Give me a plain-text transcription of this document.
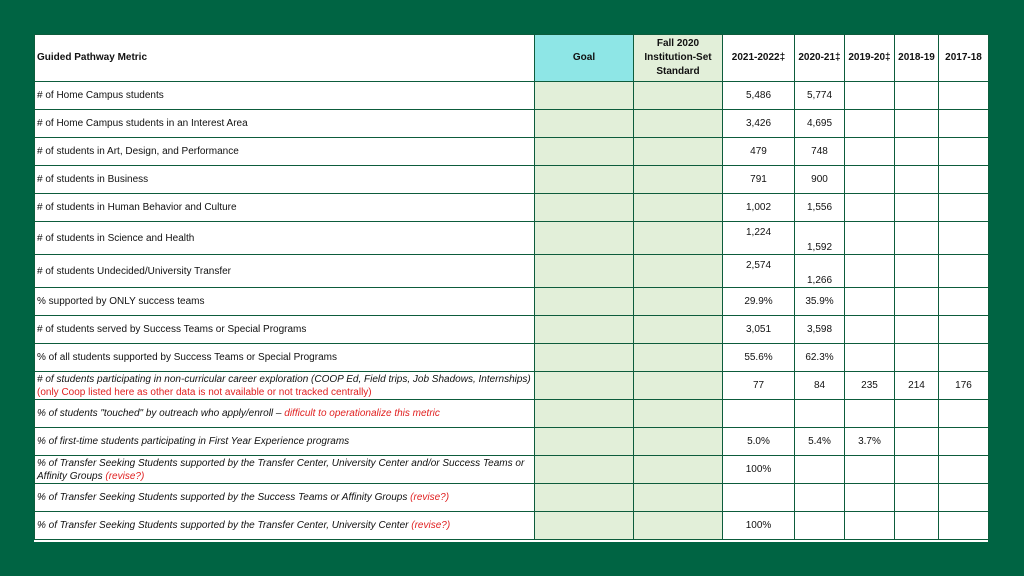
Guided Pathway Metric	Goal	Fall 2020
Institution-Set
Standard	2021-2022‡	2020-21‡	2019-20‡	2018-19	2017-18
# of Home Campus students			5,486	5,774			
# of Home Campus students in an Interest Area			3,426	4,695			
# of students in Art, Design, and Performance			479	748			
# of students in Business			791	900			
# of students in Human Behavior and Culture			1,002	1,556			
# of students in Science and Health			1,224	1,592			
# of students Undecided/University Transfer			2,574	1,266			
% supported by ONLY success teams			29.9%	35.9%			
# of students served by Success Teams or Special Programs			3,051	3,598			
% of all students supported by Success Teams or Special Programs			55.6%	62.3%			
# of students participating in non-curricular career exploration (COOP Ed, Field trips, Job Shadows, Internships) (only Coop listed here as other data is not available or not tracked centrally)			77	84	235	214	176
% of students "touched" by outreach who apply/enroll – difficult to operationalize this metric							
% of first-time students participating in First Year Experience programs			5.0%	5.4%	3.7%		
% of Transfer Seeking Students supported by the Transfer Center, University Center and/or Success Teams or Affinity Groups (revise?)			100%				
% of Transfer Seeking Students supported by the Success Teams or Affinity Groups (revise?)							
% of Transfer Seeking Students supported by the Transfer Center, University Center (revise?)			100%				
